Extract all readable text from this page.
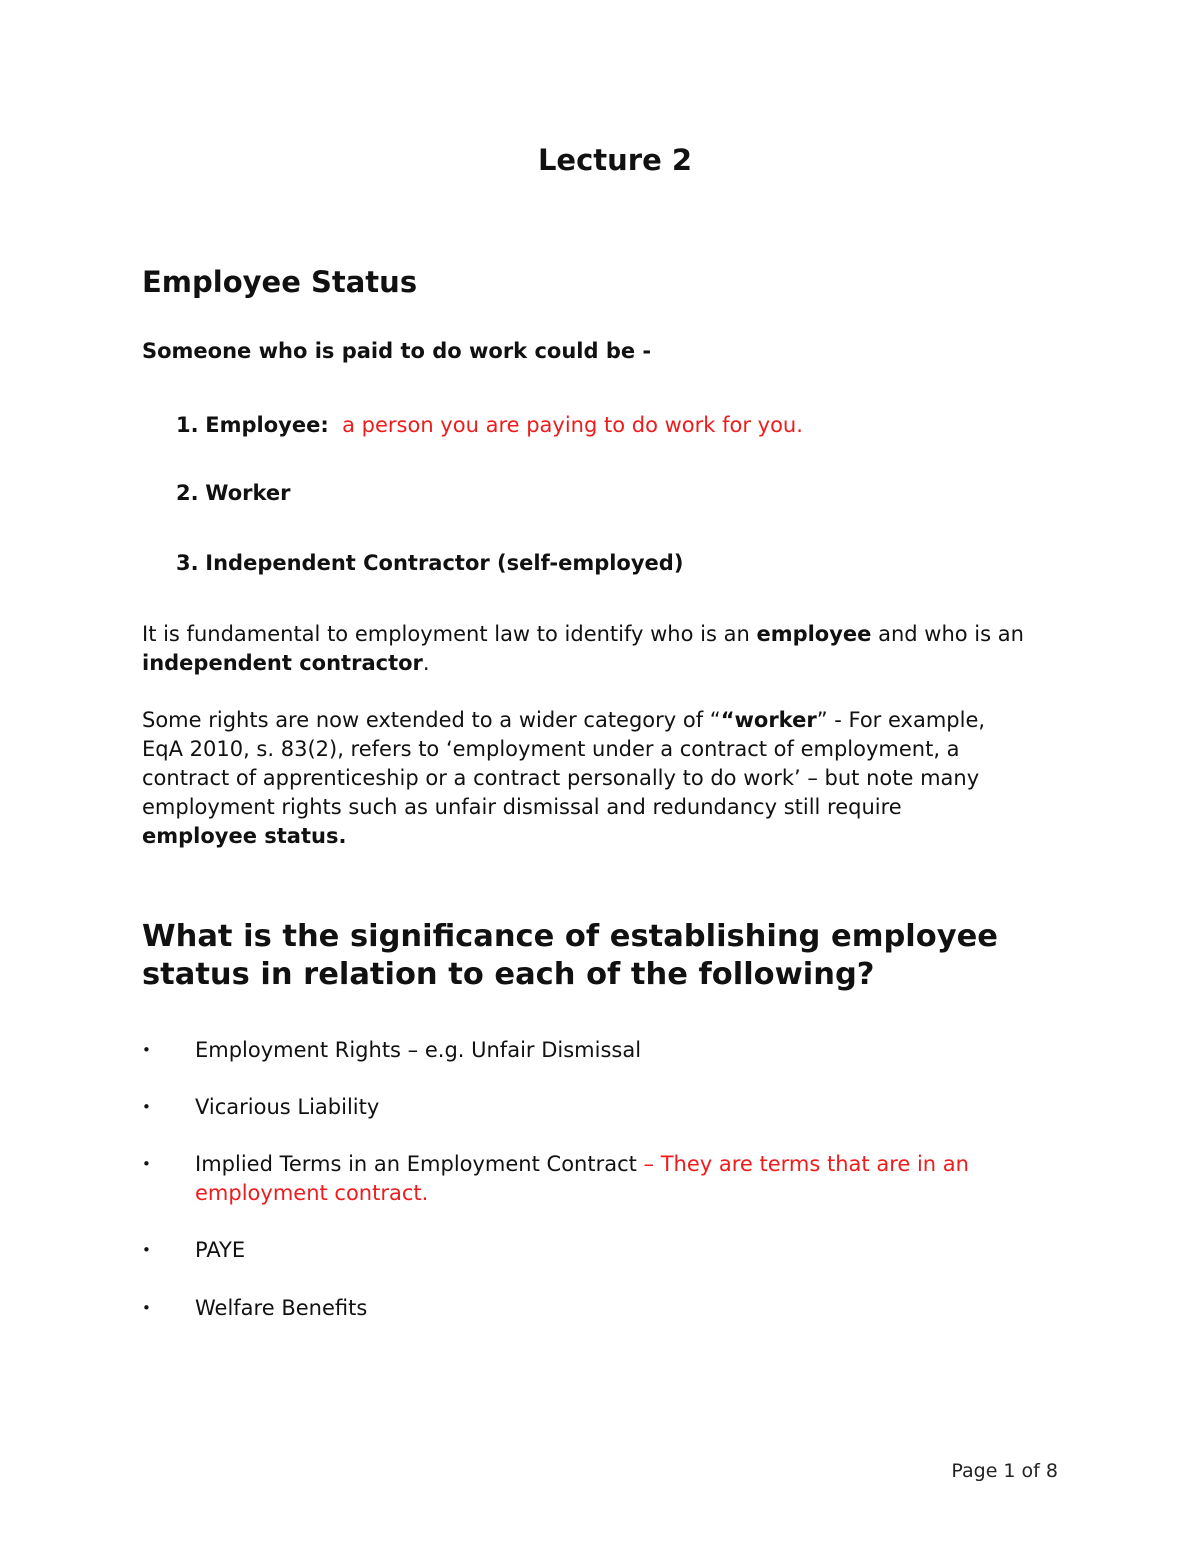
Lecture 2
Employee Status

Someone who is paid to do work could be -

1. Employee: a person you are paying to do work for you.
2. Worker
3. Independent Contractor (self-employed)

It is fundamental to employment law to identify who is an employee and who is an independent contractor.

Some rights are now extended to a wider category of ““worker” - For example, EqA 2010, s. 83(2), refers to ‘employment under a contract of employment, a contract of apprenticeship or a contract personally to do work’ – but note many employment rights such as unfair dismissal and redundancy still require employee status.

What is the significance of establishing employee status in relation to each of the following?
• Employment Rights – e.g. Unfair Dismissal
• Vicarious Liability
• Implied Terms in an Employment Contract – They are terms that are in an employment contract.
• PAYE
• Welfare Benefits
Page 1 of 8
